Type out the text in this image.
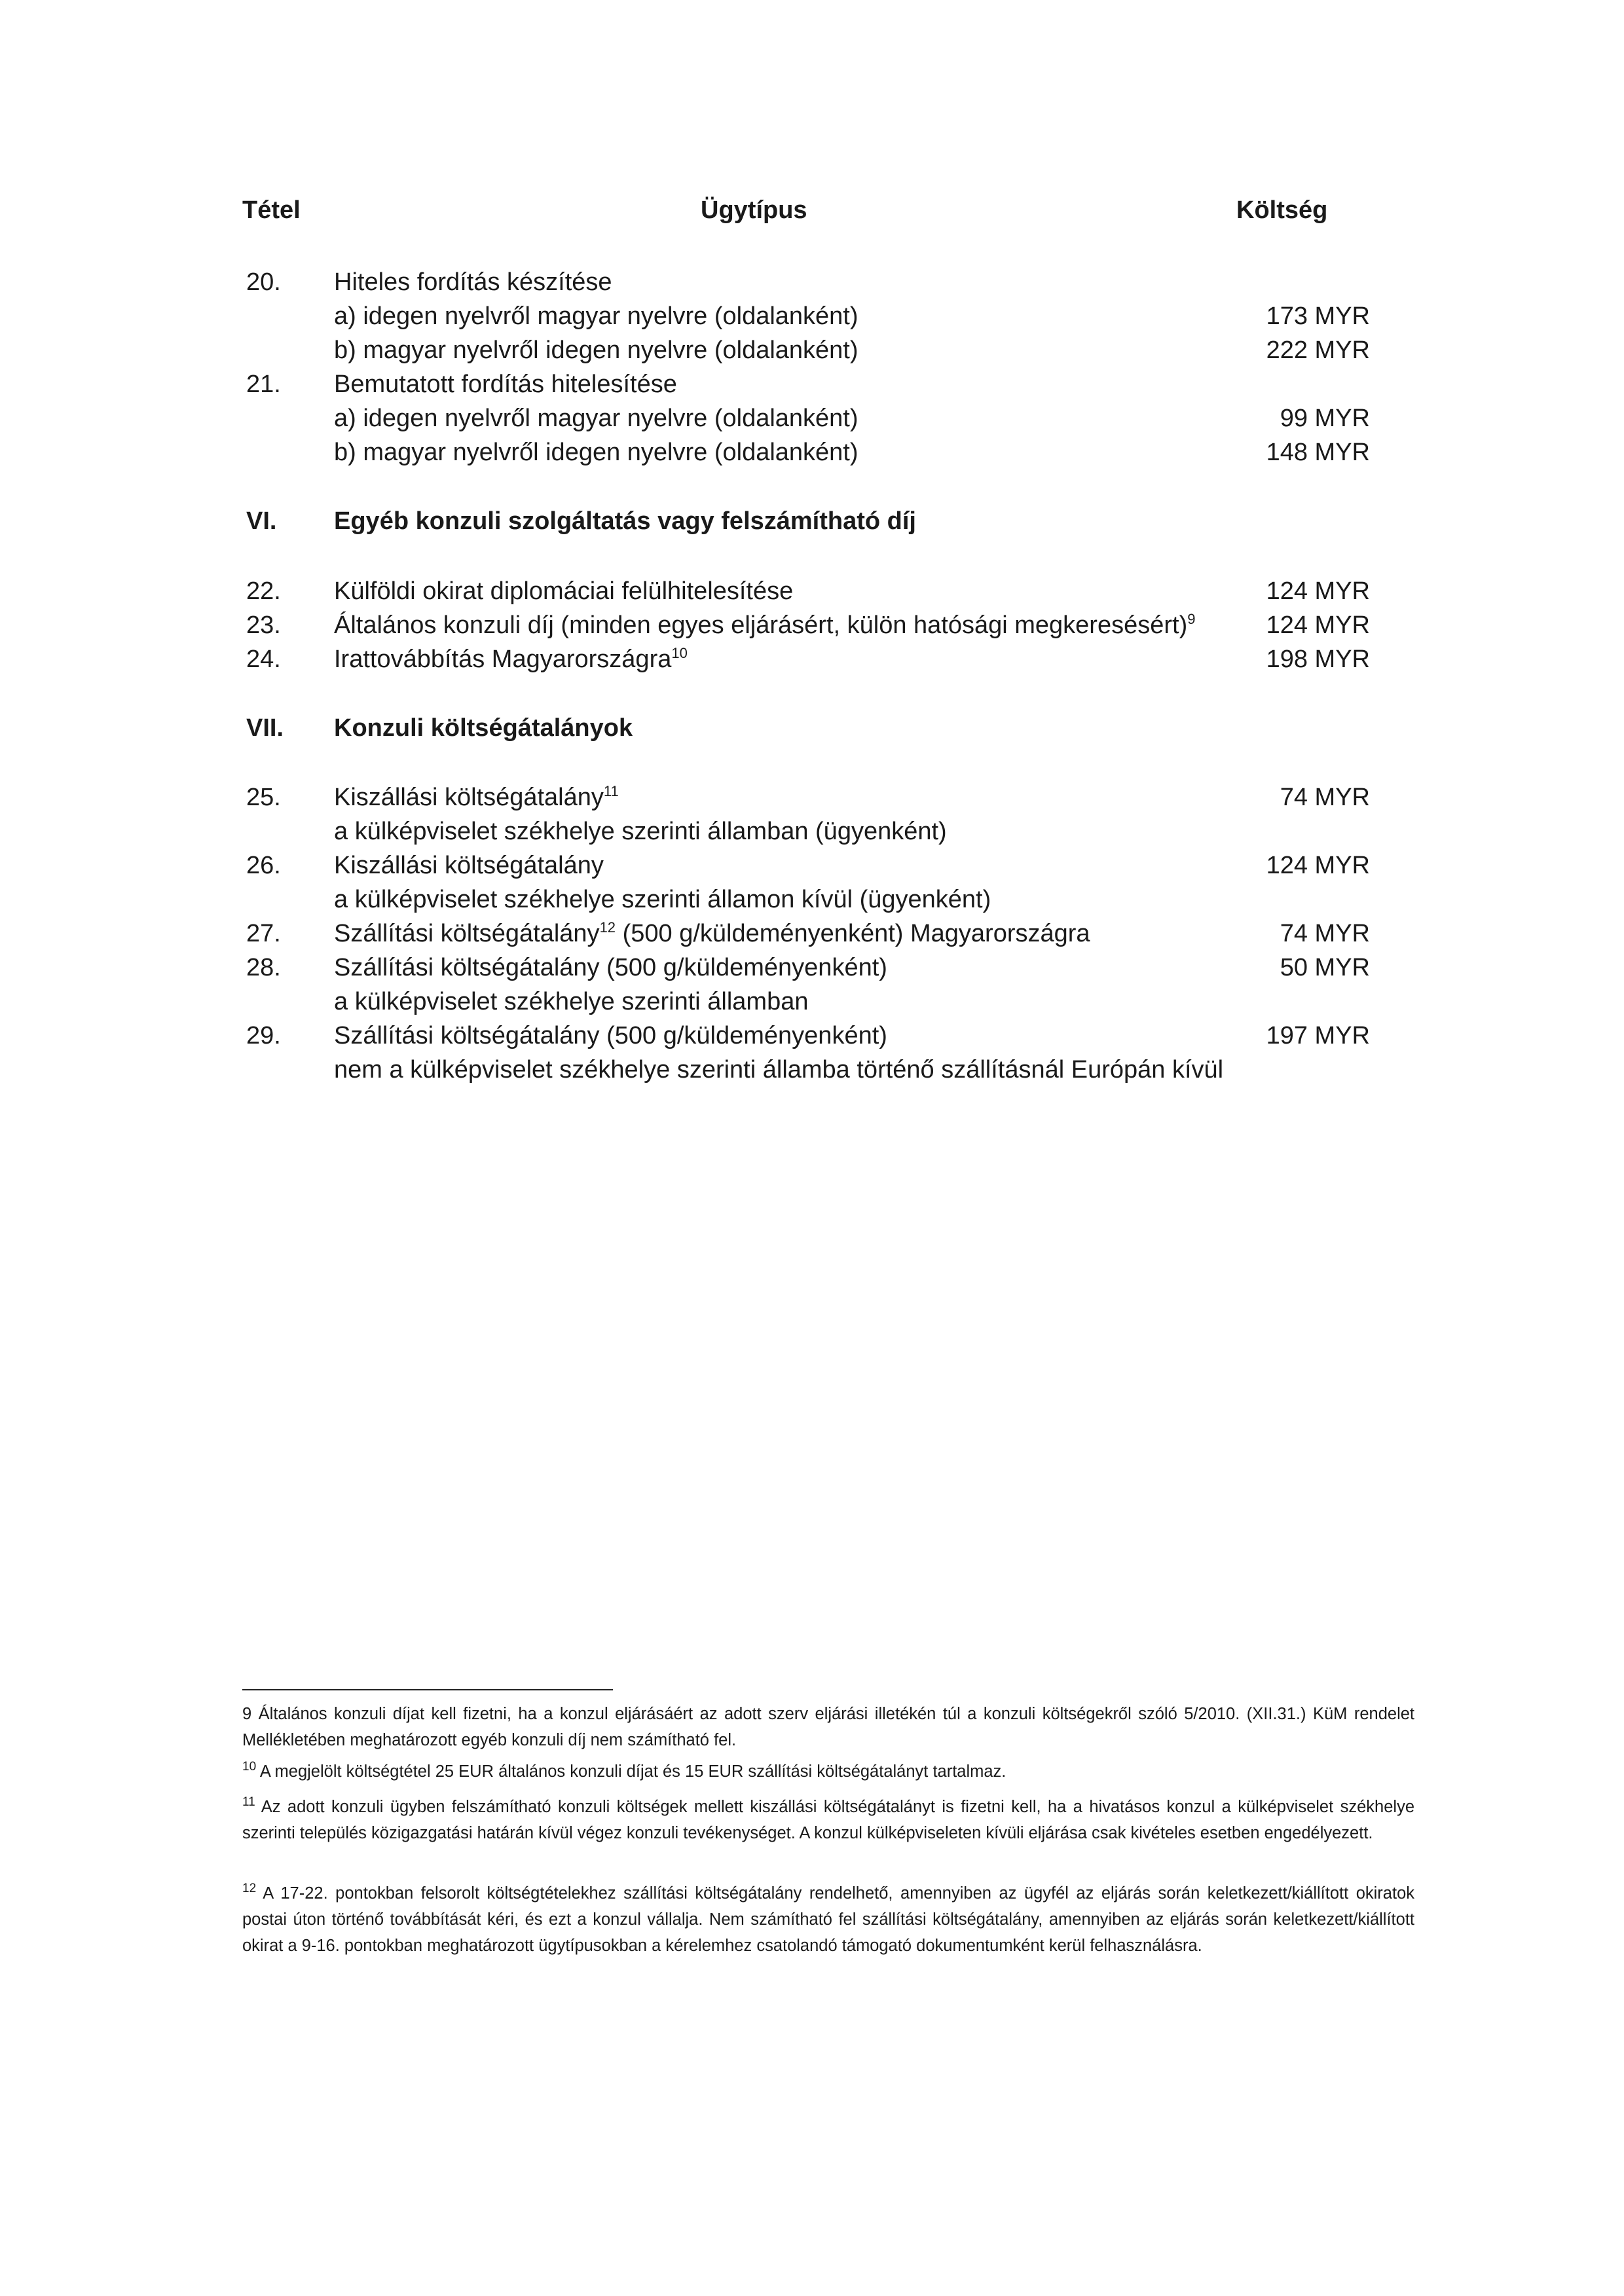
Tétel	Ügytípus	Költség
20. Hiteles fordítás készítése
a) idegen nyelvről magyar nyelvre (oldalanként)	173 MYR
b) magyar nyelvről idegen nyelvre (oldalanként)	222 MYR
21. Bemutatott fordítás hitelesítése
a) idegen nyelvről magyar nyelvre (oldalanként)	99 MYR
b) magyar nyelvről idegen nyelvre (oldalanként)	148 MYR
VI. Egyéb konzuli szolgáltatás vagy felszámítható díj
22. Külföldi okirat diplomáciai felülhitelesítése	124 MYR
23. Általános konzuli díj (minden egyes eljárásért, külön hatósági megkeresésért)$^9$	124 MYR
24. Irattovábbítás Magyarországra$^{10}$	198 MYR
VII. Konzuli költségátalányok
25. Kiszállási költségátalány$^{11}$	74 MYR
a külképviselet székhelye szerinti államban (ügyenként)
26. Kiszállási költségátalány	124 MYR
a külképviselet székhelye szerinti államon kívül (ügyenként)
27. Szállítási költségátalány$^{12}$ (500 g/küldeményenként) Magyarországra	74 MYR
28. Szállítási költségátalány (500 g/küldeményenként)	50 MYR
a külképviselet székhelye szerinti államban
29. Szállítási költségátalány (500 g/küldeményenként)	197 MYR
nem a külképviselet székhelye szerinti államba történő szállításnál Európán kívül
9 Általános konzuli díjat kell fizetni, ha a konzul eljárásáért az adott szerv eljárási illetékén túl a konzuli költségekről szóló 5/2010. (XII.31.) KüM rendelet Mellékletében meghatározott egyéb konzuli díj nem számítható fel.
$^{10}$ A megjelölt költségtétel 25 EUR általános konzuli díjat és 15 EUR szállítási költségátalányt tartalmaz.
$^{11}$ Az adott konzuli ügyben felszámítható konzuli költségek mellett kiszállási költségátalányt is fizetni kell, ha a hivatásos konzul a külképviselet székhelye szerinti település közigazgatási határán kívül végez konzuli tevékenységet. A konzul külképviseleten kívüli eljárása csak kivételes esetben engedélyezett.
$^{12}$ A 17-22. pontokban felsorolt költségtételekhez szállítási költségátalány rendelhető, amennyiben az ügyfél az eljárás során keletkezett/kiállított okiratok postai úton történő továbbítását kéri, és ezt a konzul vállalja. Nem számítható fel szállítási költségátalány, amennyiben az eljárás során keletkezett/kiállított okirat a 9-16. pontokban meghatározott ügytípusokban a kérelemhez csatolandó támogató dokumentumként kerül felhasználásra.
